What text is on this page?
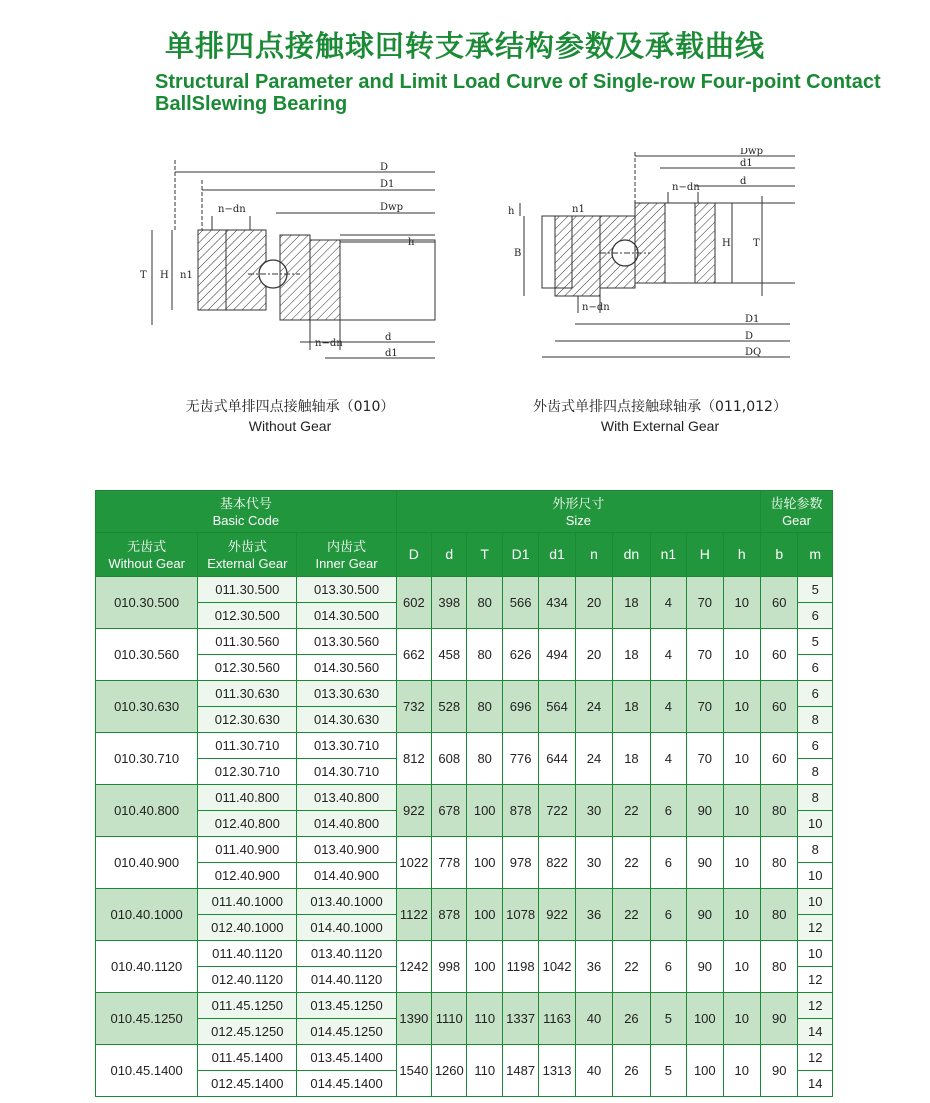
单排四点接触球回转支承结构参数及承载曲线
Structural Parameter and Limit Load Curve of Single-row Four-point Contact BallSlewing Bearing
D
D1
Dwp
n−dn
h
T H n1
n−dn
d
d1
Dwp
d1
n−dn
d
h	n1
B
H T
n−dn
D1
D
DQ
无齿式单排四点接触轴承（010）
Without Gear
外齿式单排四点接触球轴承（011,012）
With External Gear
基本代号
Basic Code			外形尺寸
Size										齿轮参数
Gear	

无齿式
Without Gear	外齿式
External Gear	内齿式
Inner Gear	D	d	T	D1	d1	n	dn	n1	H	h	b	m
010.30.500	011.30.500	013.30.500	602	398	80	566	434	20	18	4	70	10	60	5
	012.30.500	014.30.500												6
010.30.560	011.30.560	013.30.560	662	458	80	626	494	20	18	4	70	10	60	5
	012.30.560	014.30.560												6
010.30.630	011.30.630	013.30.630	732	528	80	696	564	24	18	4	70	10	60	6
	012.30.630	014.30.630												8
010.30.710	011.30.710	013.30.710	812	608	80	776	644	24	18	4	70	10	60	6
	012.30.710	014.30.710												8
010.40.800	011.40.800	013.40.800	922	678	100	878	722	30	22	6	90	10	80	8
	012.40.800	014.40.800												10
010.40.900	011.40.900	013.40.900	1022	778	100	978	822	30	22	6	90	10	80	8
	012.40.900	014.40.900												10
010.40.1000	011.40.1000	013.40.1000	1122	878	100	1078	922	36	22	6	90	10	80	10
	012.40.1000	014.40.1000												12
010.40.1120	011.40.1120	013.40.1120	1242	998	100	1198	1042	36	22	6	90	10	80	10
	012.40.1120	014.40.1120												12
010.45.1250	011.45.1250	013.45.1250	1390	1110	110	1337	1163	40	26	5	100	10	90	12
	012.45.1250	014.45.1250												14
010.45.1400	011.45.1400	013.45.1400	1540	1260	110	1487	1313	40	26	5	100	10	90	12
	012.45.1400	014.45.1400												14
